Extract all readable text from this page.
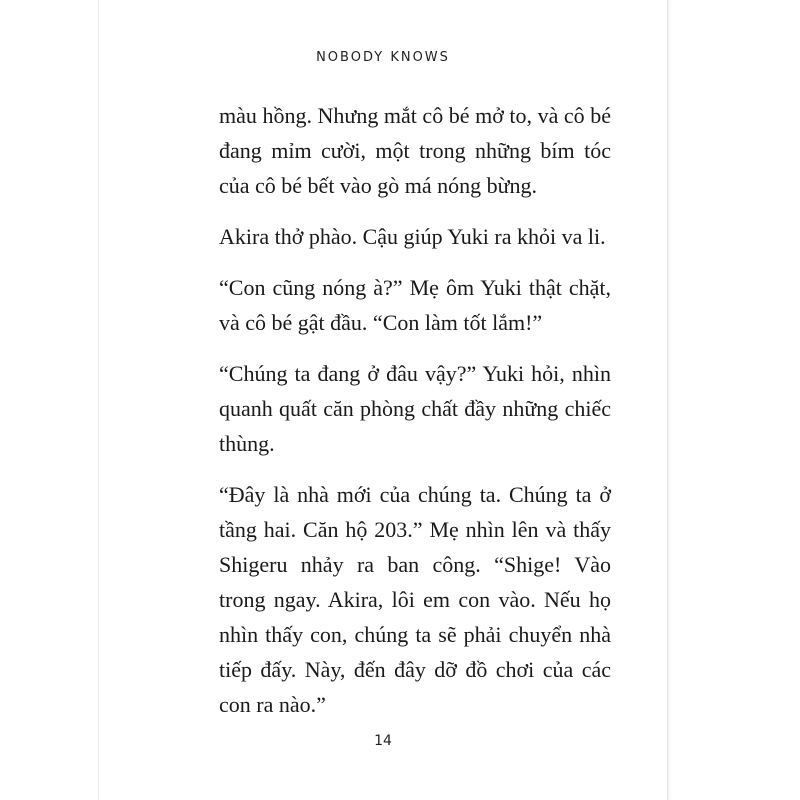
NOBODY KNOWS

màu hồng. Nhưng mắt cô bé mở to, và cô bé đang mỉm cười, một trong những bím tóc của cô bé bết vào gò má nóng bừng.

Akira thở phào. Cậu giúp Yuki ra khỏi va li.

“Con cũng nóng à?” Mẹ ôm Yuki thật chặt, và cô bé gật đầu. “Con làm tốt lắm!”

“Chúng ta đang ở đâu vậy?” Yuki hỏi, nhìn quanh quất căn phòng chất đầy những chiếc thùng.

“Đây là nhà mới của chúng ta. Chúng ta ở tầng hai. Căn hộ 203.” Mẹ nhìn lên và thấy Shigeru nhảy ra ban công. “Shige! Vào trong ngay. Akira, lôi em con vào. Nếu họ nhìn thấy con, chúng ta sẽ phải chuyển nhà tiếp đấy. Này, đến đây dỡ đồ chơi của các con ra nào.”

14
